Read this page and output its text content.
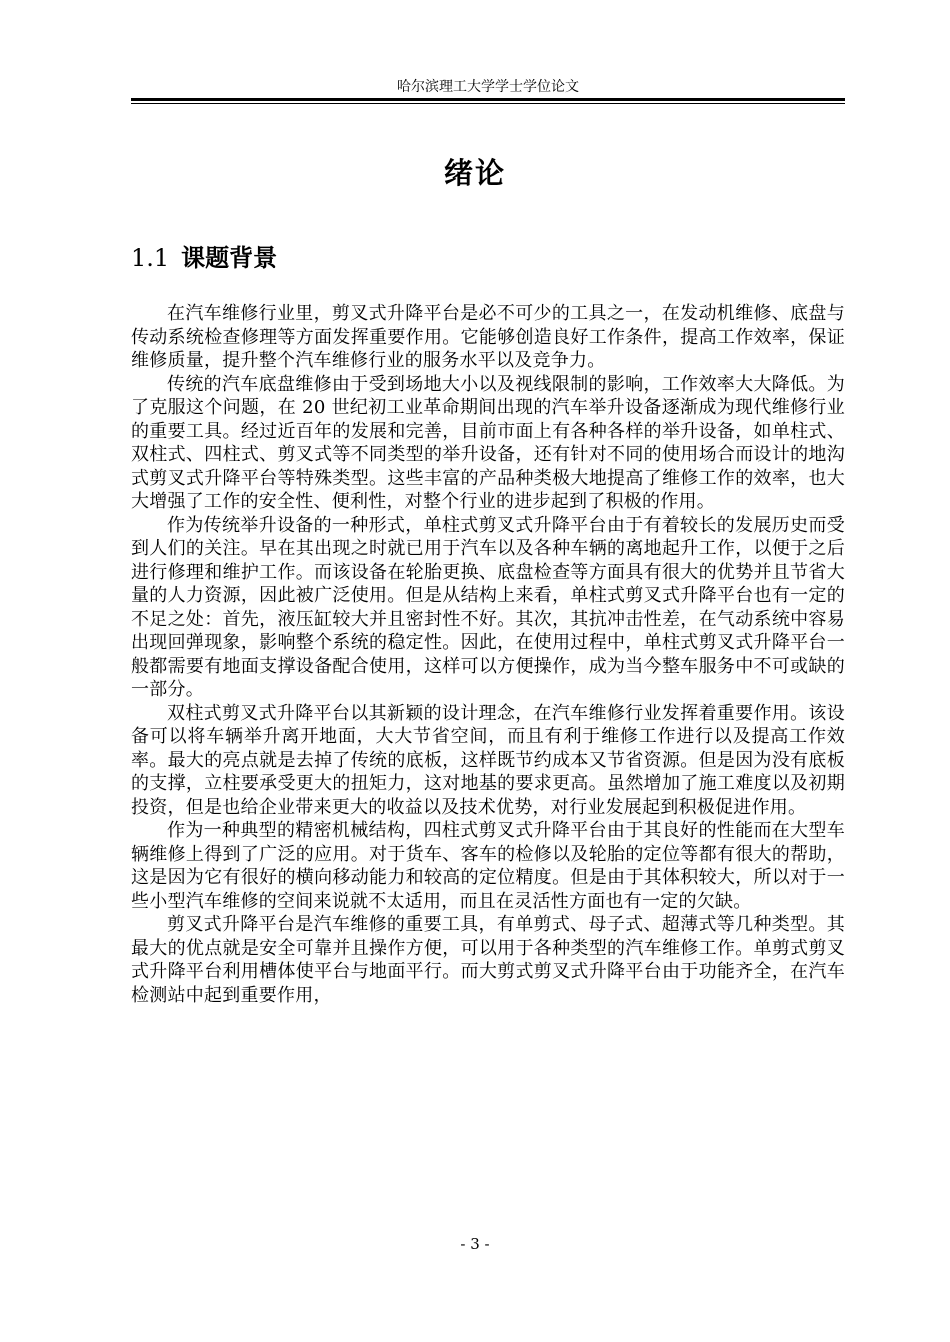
哈尔滨理工大学学士学位论文
绪论
1.1 课题背景

在汽车维修行业里，剪叉式升降平台是必不可少的工具之一，在发动机维修、底盘与传动系统检查修理等方面发挥重要作用。它能够创造良好工作条件，提高工作效率，保证维修质量，提升整个汽车维修行业的服务水平以及竞争力。

传统的汽车底盘维修由于受到场地大小以及视线限制的影响，工作效率大大降低。为了克服这个问题，在 20 世纪初工业革命期间出现的汽车举升设备逐渐成为现代维修行业的重要工具。经过近百年的发展和完善，目前市面上有各种各样的举升设备，如单柱式、双柱式、四柱式、剪叉式等不同类型的举升设备，还有针对不同的使用场合而设计的地沟式剪叉式升降平台等特殊类型。这些丰富的产品种类极大地提高了维修工作的效率，也大大增强了工作的安全性、便利性，对整个行业的进步起到了积极的作用。

作为传统举升设备的一种形式，单柱式剪叉式升降平台由于有着较长的发展历史而受到人们的关注。早在其出现之时就已用于汽车以及各种车辆的离地起升工作，以便于之后进行修理和维护工作。而该设备在轮胎更换、底盘检查等方面具有很大的优势并且节省大量的人力资源，因此被广泛使用。但是从结构上来看，单柱式剪叉式升降平台也有一定的不足之处：首先，液压缸较大并且密封性不好。其次，其抗冲击性差，在气动系统中容易出现回弹现象，影响整个系统的稳定性。因此，在使用过程中，单柱式剪叉式升降平台一般都需要有地面支撑设备配合使用，这样可以方便操作，成为当今整车服务中不可或缺的一部分。

双柱式剪叉式升降平台以其新颖的设计理念，在汽车维修行业发挥着重要作用。该设备可以将车辆举升离开地面，大大节省空间，而且有利于维修工作进行以及提高工作效率。最大的亮点就是去掉了传统的底板，这样既节约成本又节省资源。但是因为没有底板的支撑，立柱要承受更大的扭矩力，这对地基的要求更高。虽然增加了施工难度以及初期投资，但是也给企业带来更大的收益以及技术优势，对行业发展起到积极促进作用。

作为一种典型的精密机械结构，四柱式剪叉式升降平台由于其良好的性能而在大型车辆维修上得到了广泛的应用。对于货车、客车的检修以及轮胎的定位等都有很大的帮助，这是因为它有很好的横向移动能力和较高的定位精度。但是由于其体积较大，所以对于一些小型汽车维修的空间来说就不太适用，而且在灵活性方面也有一定的欠缺。

剪叉式升降平台是汽车维修的重要工具，有单剪式、母子式、超薄式等几种类型。其最大的优点就是安全可靠并且操作方便，可以用于各种类型的汽车维修工作。单剪式剪叉式升降平台利用槽体使平台与地面平行。而大剪式剪叉式升降平台由于功能齐全，在汽车检测站中起到重要作用，

- 3 -
